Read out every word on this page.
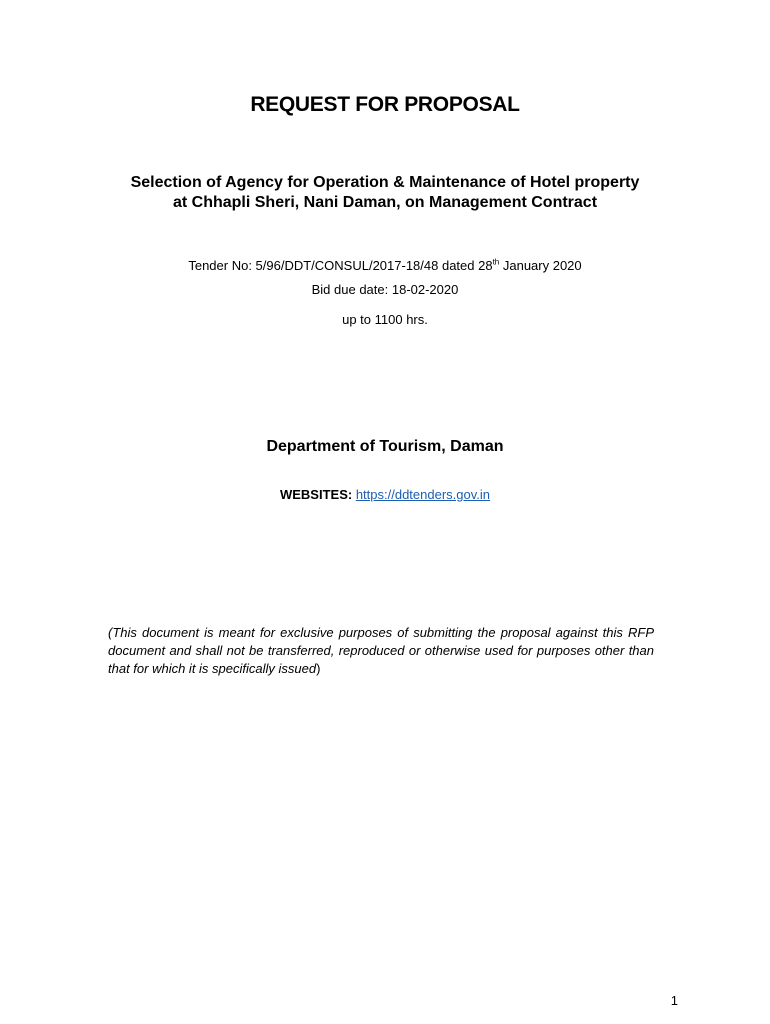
REQUEST FOR PROPOSAL
Selection of Agency for Operation & Maintenance of Hotel property
at Chhapli Sheri, Nani Daman, on Management Contract
Tender No: 5/96/DDT/CONSUL/2017-18/48 dated 28th January 2020
Bid due date: 18-02-2020
up to 1100 hrs.
Department of Tourism, Daman
WEBSITES: https://ddtenders.gov.in
(This document is meant for exclusive purposes of submitting the proposal against this RFP document and shall not be transferred, reproduced or otherwise used for purposes other than that for which it is specifically issued)
1
